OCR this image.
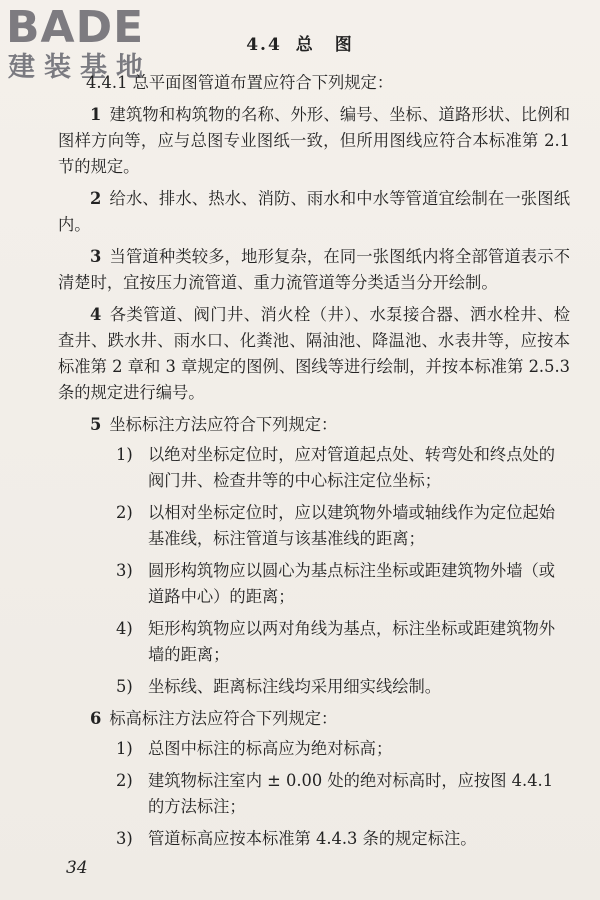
BADE
建装基地
4.4 总 图

4.4.1 总平面图管道布置应符合下列规定：

1 建筑物和构筑物的名称、外形、编号、坐标、道路形状、比例和图样方向等，应与总图专业图纸一致，但所用图线应符合本标准第 2.1 节的规定。

2 给水、排水、热水、消防、雨水和中水等管道宜绘制在一张图纸内。

3 当管道种类较多，地形复杂，在同一张图纸内将全部管道表示不清楚时，宜按压力流管道、重力流管道等分类适当分开绘制。

4 各类管道、阀门井、消火栓（井）、水泵接合器、洒水栓井、检查井、跌水井、雨水口、化粪池、隔油池、降温池、水表井等，应按本标准第 2 章和 3 章规定的图例、图线等进行绘制，并按本标准第 2.5.3 条的规定进行编号。

5 坐标标注方法应符合下列规定：

1) 以绝对坐标定位时，应对管道起点处、转弯处和终点处的阀门井、检查井等的中心标注定位坐标；
2) 以相对坐标定位时，应以建筑物外墙或轴线作为定位起始基准线，标注管道与该基准线的距离；
3) 圆形构筑物应以圆心为基点标注坐标或距建筑物外墙（或道路中心）的距离；
4) 矩形构筑物应以两对角线为基点，标注坐标或距建筑物外墙的距离；
5) 坐标线、距离标注线均采用细实线绘制。

6 标高标注方法应符合下列规定：

1) 总图中标注的标高应为绝对标高；
2) 建筑物标注室内 ± 0.00 处的绝对标高时，应按图 4.4.1 的方法标注；
3) 管道标高应按本标准第 4.4.3 条的规定标注。
34
